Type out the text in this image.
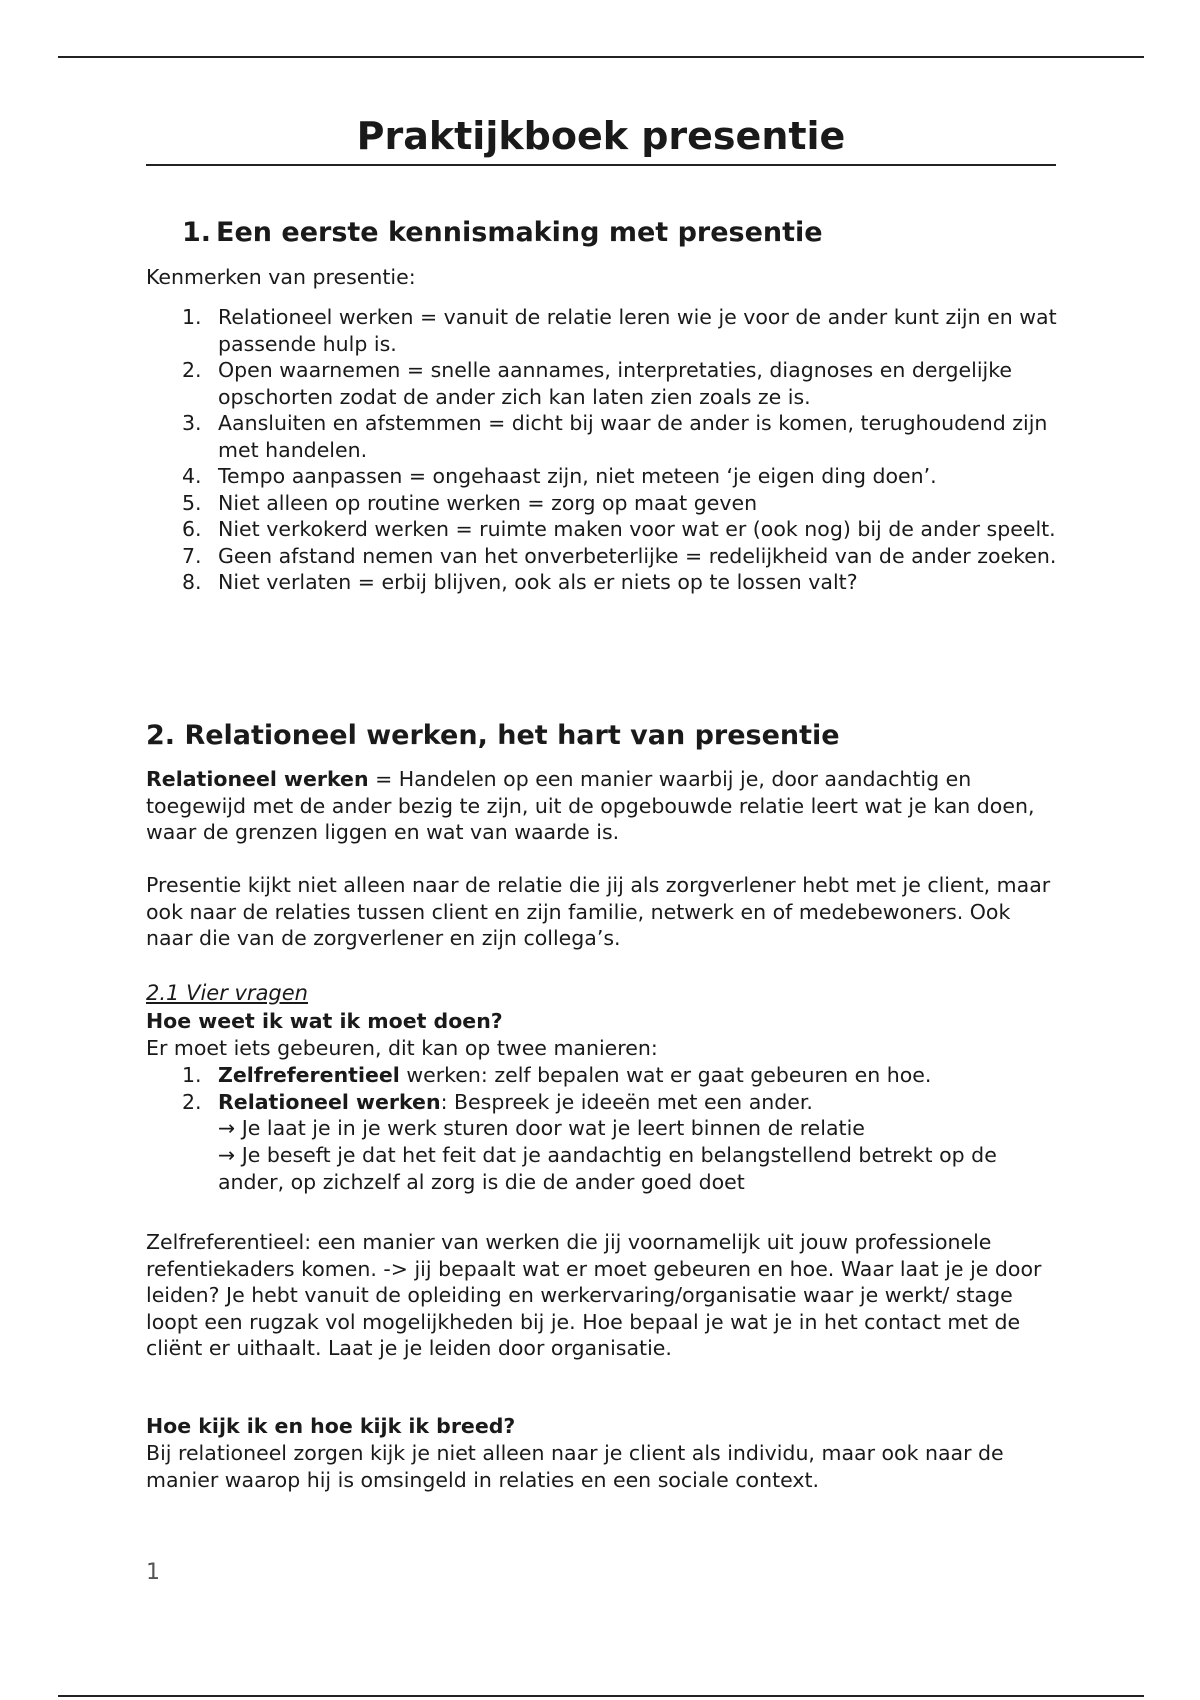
Praktijkboek presentie
1. Een eerste kennismaking met presentie
Kenmerken van presentie:
1. Relationeel werken = vanuit de relatie leren wie je voor de ander kunt zijn en wat passende hulp is.
2. Open waarnemen = snelle aannames, interpretaties, diagnoses en dergelijke opschorten zodat de ander zich kan laten zien zoals ze is.
3. Aansluiten en afstemmen = dicht bij waar de ander is komen, terughoudend zijn met handelen.
4. Tempo aanpassen = ongehaast zijn, niet meteen ‘je eigen ding doen’.
5. Niet alleen op routine werken = zorg op maat geven
6. Niet verkokerd werken = ruimte maken voor wat er (ook nog) bij de ander speelt.
7. Geen afstand nemen van het onverbeterlijke = redelijkheid van de ander zoeken.
8. Niet verlaten = erbij blijven, ook als er niets op te lossen valt?
2. Relationeel werken, het hart van presentie
Relationeel werken = Handelen op een manier waarbij je, door aandachtig en toegewijd met de ander bezig te zijn, uit de opgebouwde relatie leert wat je kan doen, waar de grenzen liggen en wat van waarde is.
Presentie kijkt niet alleen naar de relatie die jij als zorgverlener hebt met je client, maar ook naar de relaties tussen client en zijn familie, netwerk en of medebewoners. Ook naar die van de zorgverlener en zijn collega’s.
2.1 Vier vragen
Hoe weet ik wat ik moet doen?
Er moet iets gebeuren, dit kan op twee manieren:
1. Zelfreferentieel werken: zelf bepalen wat er gaat gebeuren en hoe.
2. Relationeel werken: Bespreek je ideeën met een ander.
→ Je laat je in je werk sturen door wat je leert binnen de relatie
→ Je beseft je dat het feit dat je aandachtig en belangstellend betrekt op de ander, op zichzelf al zorg is die de ander goed doet
Zelfreferentieel: een manier van werken die jij voornamelijk uit jouw professionele refentiekaders komen. -> jij bepaalt wat er moet gebeuren en hoe. Waar laat je je door leiden? Je hebt vanuit de opleiding en werkervaring/organisatie waar je werkt/ stage loopt een rugzak vol mogelijkheden bij je. Hoe bepaal je wat je in het contact met de cliënt er uithaalt. Laat je je leiden door organisatie.
Hoe kijk ik en hoe kijk ik breed?
Bij relationeel zorgen kijk je niet alleen naar je client als individu, maar ook naar de manier waarop hij is omsingeld in relaties en een sociale context.
1
